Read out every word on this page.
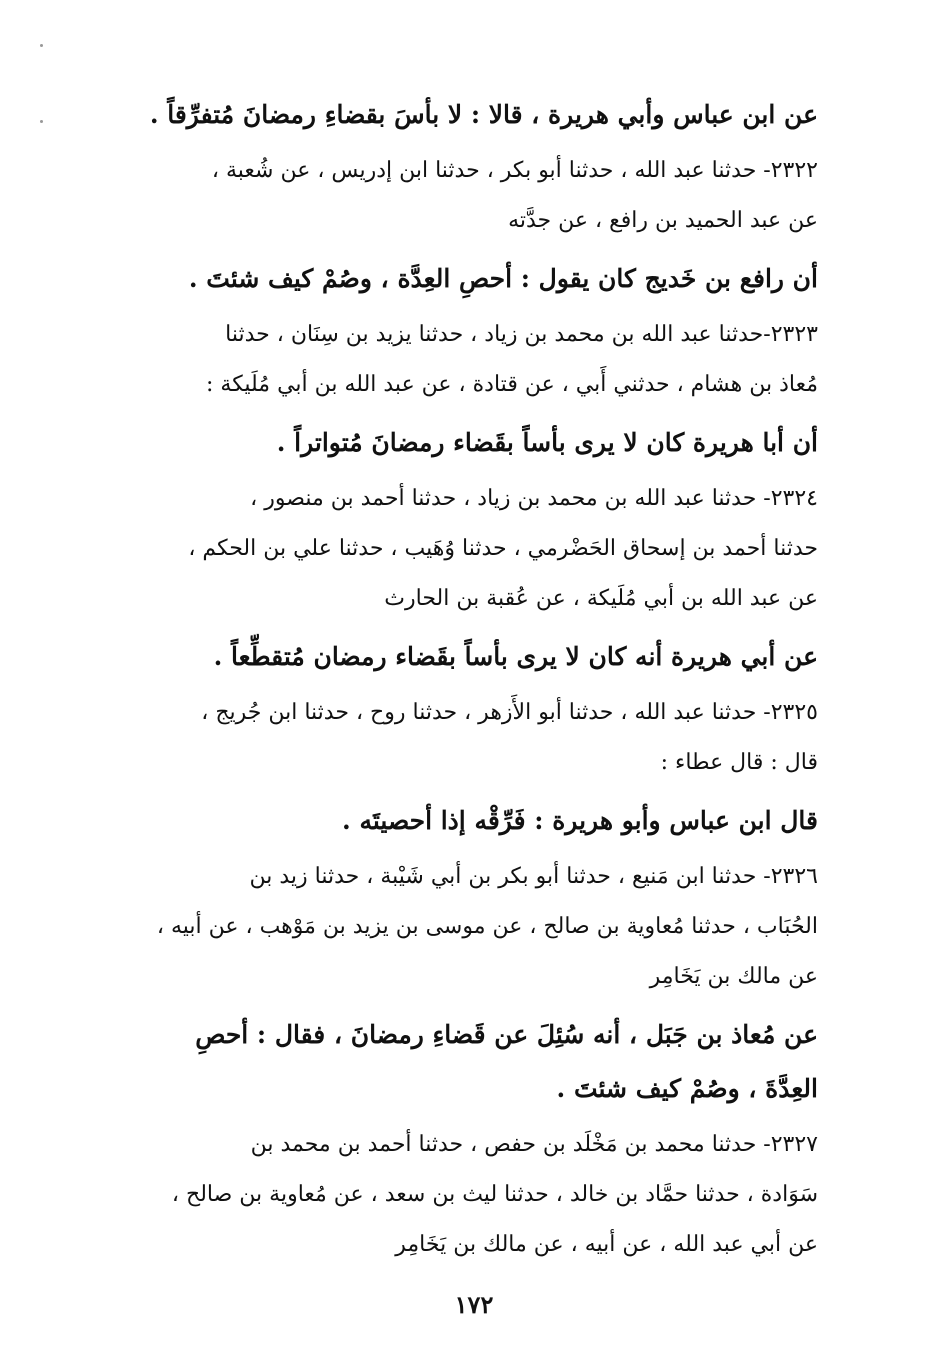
عن ابن عباس وأبي هريرة ، قالا : لا بأسَ بقضاءِ رمضانَ مُتفرِّقاً .
٢٣٢٢- حدثنا عبد الله ، حدثنا أبو بكر ، حدثنا ابن إدريس ، عن شُعبة ،
عن عبد الحميد بن رافع ، عن جدَّته
أن رافع بن خَديج كان يقول : أحصِ العِدَّة ، وصُمْ كيف شئتَ .
٢٣٢٣-حدثنا عبد الله بن محمد بن زياد ، حدثنا يزيد بن سِنَان ، حدثنا
مُعاذ بن هشام ، حدثني أَبي ، عن قتادة ، عن عبد الله بن أبي مُلَيكة :
أن أبا هريرة كان لا يرى بأساً بقَضاء رمضانَ مُتواتراً .
٢٣٢٤- حدثنا عبد الله بن محمد بن زياد ، حدثنا أحمد بن منصور ،
حدثنا أحمد بن إسحاق الحَضْرمي ، حدثنا وُهَيب ، حدثنا علي بن الحكم ،
عن عبد الله بن أبي مُلَيكة ، عن عُقبة بن الحارث
عن أبي هريرة أنه كان لا يرى بأساً بقَضاء رمضان مُتقطِّعاً .
٢٣٢٥- حدثنا عبد الله ، حدثنا أبو الأَزهر ، حدثنا روح ، حدثنا ابن جُريج ،
قال : قال عطاء :
قال ابن عباس وأبو هريرة : فَرِّقْه إذا أحصيتَه .
٢٣٢٦- حدثنا ابن مَنيع ، حدثنا أبو بكر بن أبي شَيْبة ، حدثنا زيد بن
الحُبَاب ، حدثنا مُعاوية بن صالح ، عن موسى بن يزيد بن مَوْهب ، عن أبيه ،
عن مالك بن يَخَامِر
عن مُعاذ بن جَبَل ، أنه سُئِلَ عن قَضاءِ رمضانَ ، فقال : أحصِ
العِدَّةَ ، وصُمْ كيف شئتَ .
٢٣٢٧- حدثنا محمد بن مَخْلَد بن حفص ، حدثنا أحمد بن محمد بن
سَوَادة ، حدثنا حمَّاد بن خالد ، حدثنا ليث بن سعد ، عن مُعاوية بن صالح ،
عن أبي عبد الله ، عن أبيه ، عن مالك بن يَخَامِر
١٧٢
